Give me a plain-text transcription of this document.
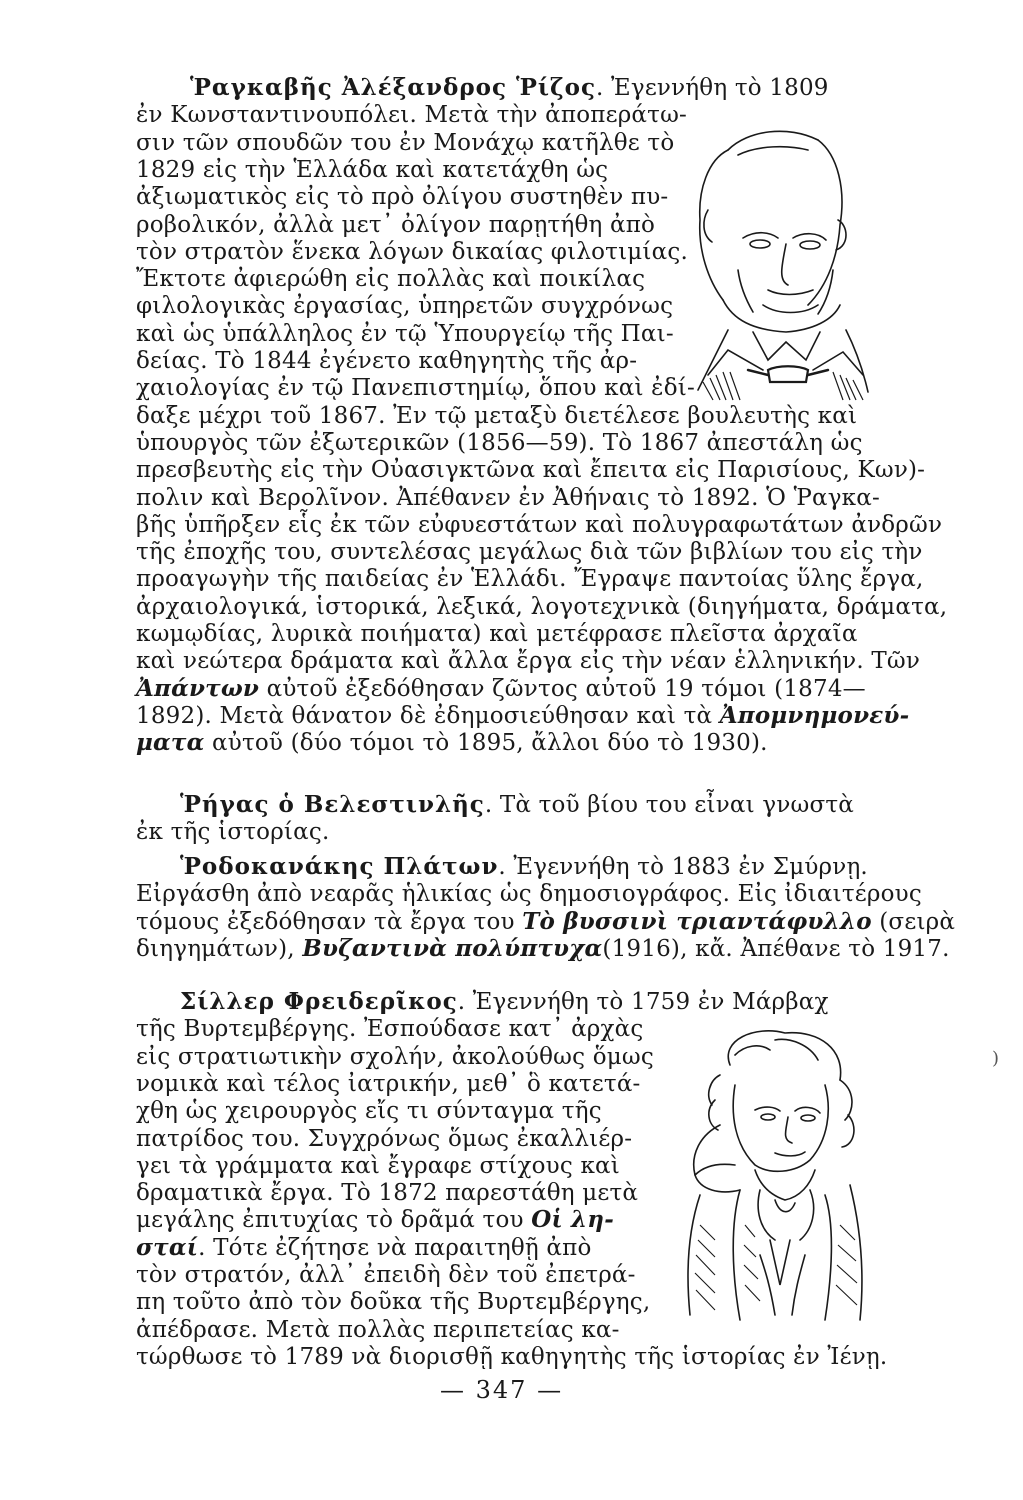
)
— 347 —
Ῥαγκαβῆς Ἀλέξανδρος Ῥίζος. Ἐγεννήθη τὸ 1809
ἐν Κωνσταντινουπόλει. Μετὰ τὴν ἀποπεράτω-
σιν τῶν σπουδῶν του ἐν Μονάχῳ κατῆλθε τὸ
1829 εἰς τὴν Ἑλλάδα καὶ κατετάχθη ὡς
ἀξιωματικὸς εἰς τὸ πρὸ ὀλίγου συστηθὲν πυ-
ροβολικόν, ἀλλὰ μετ᾽ ὀλίγον παρῃτήθη ἀπὸ
τὸν στρατὸν ἕνεκα λόγων δικαίας φιλοτιμίας.
Ἔκτοτε ἀφιερώθη εἰς πολλὰς καὶ ποικίλας
φιλολογικὰς ἐργασίας, ὑπηρετῶν συγχρόνως
καὶ ὡς ὑπάλληλος ἐν τῷ Ὑπουργείῳ τῆς Παι-
δείας. Τὸ 1844 ἐγένετο καθηγητὴς τῆς ἀρ-
χαιολογίας ἐν τῷ Πανεπιστημίῳ, ὅπου καὶ ἐδί-
δαξε μέχρι τοῦ 1867. Ἐν τῷ μεταξὺ διετέλεσε βουλευτὴς καὶ
ὑπουργὸς τῶν ἐξωτερικῶν (1856—59). Τὸ 1867 ἀπεστάλη ὡς
πρεσβευτὴς εἰς τὴν Οὐασιγκτῶνα καὶ ἔπειτα εἰς Παρισίους, Κων)-
πολιν καὶ Βερολῖνον. Ἀπέθανεν ἐν Ἀθήναις τὸ 1892. Ὁ Ῥαγκα-
βῆς ὑπῆρξεν εἷς ἐκ τῶν εὐφυεστάτων καὶ πολυγραφωτάτων ἀνδρῶν
τῆς ἐποχῆς του, συντελέσας μεγάλως διὰ τῶν βιβλίων του εἰς τὴν
προαγωγὴν τῆς παιδείας ἐν Ἑλλάδι. Ἔγραψε παντοίας ὕλης ἔργα,
ἀρχαιολογικά, ἱστορικά, λεξικά, λογοτεχνικὰ (διηγήματα, δράματα,
κωμῳδίας, λυρικὰ ποιήματα) καὶ μετέφρασε πλεῖστα ἀρχαῖα
καὶ νεώτερα δράματα καὶ ἄλλα ἔργα εἰς τὴν νέαν ἑλληνικήν. Τῶν
Ἀπάντων αὐτοῦ ἐξεδόθησαν ζῶντος αὐτοῦ 19 τόμοι (1874—
1892). Μετὰ θάνατον δὲ ἐδημοσιεύθησαν καὶ τὰ Ἀπομνημονεύ-
ματα αὐτοῦ (δύο τόμοι τὸ 1895, ἄλλοι δύο τὸ 1930).
Ῥήγας ὁ Βελεστινλῆς. Τὰ τοῦ βίου του εἶναι γνωστὰ
ἐκ τῆς ἱστορίας.
Ῥοδοκανάκης Πλάτων. Ἐγεννήθη τὸ 1883 ἐν Σμύρνῃ.
Εἰργάσθη ἀπὸ νεαρᾶς ἡλικίας ὡς δημοσιογράφος. Εἰς ἰδιαιτέρους
τόμους ἐξεδόθησαν τὰ ἔργα του Τὸ βυσσινὶ τριαντάφυλλο (σειρὰ
διηγημάτων), Βυζαντινὰ πολύπτυχα(1916), κἄ. Ἀπέθανε τὸ 1917.
Σίλλερ Φρειδερῖκος. Ἐγεννήθη τὸ 1759 ἐν Μάρβαχ
τῆς Βυρτεμβέργης. Ἐσπούδασε κατ᾽ ἀρχὰς
εἰς στρατιωτικὴν σχολήν, ἀκολούθως ὅμως
νομικὰ καὶ τέλος ἰατρικήν, μεθ᾽ ὃ κατετά-
χθη ὡς χειρουργὸς εἴς τι σύνταγμα τῆς
πατρίδος του. Συγχρόνως ὅμως ἐκαλλιέρ-
γει τὰ γράμματα καὶ ἔγραφε στίχους καὶ
δραματικὰ ἔργα. Τὸ 1872 παρεστάθη μετὰ
μεγάλης ἐπιτυχίας τὸ δρᾶμά του Οἱ λη-
σταί. Τότε ἐζήτησε νὰ παραιτηθῇ ἀπὸ
τὸν στρατόν, ἀλλ᾽ ἐπειδὴ δὲν τοῦ ἐπετρά-
πη τοῦτο ἀπὸ τὸν δοῦκα τῆς Βυρτεμβέργης,
ἀπέδρασε. Μετὰ πολλὰς περιπετείας κα-
τώρθωσε τὸ 1789 νὰ διορισθῇ καθηγητὴς τῆς ἱστορίας ἐν Ἰένῃ.
